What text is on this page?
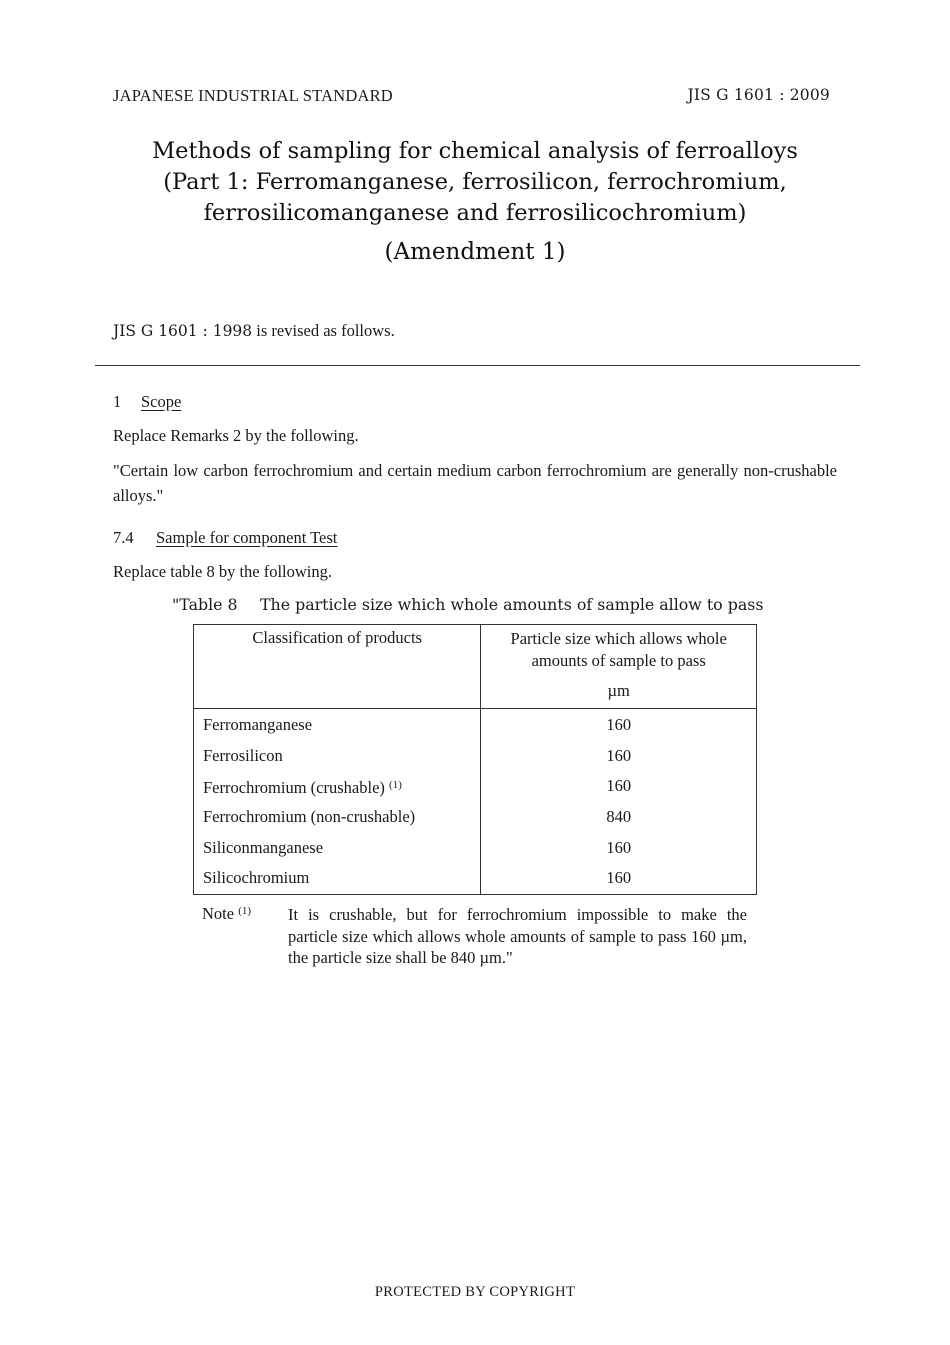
JAPANESE INDUSTRIAL STANDARD	JIS G 1601 : 2009
Methods of sampling for chemical analysis of ferroalloys
(Part 1: Ferromanganese, ferrosilicon, ferrochromium,
ferrosilicomanganese and ferrosilicochromium)
(Amendment 1)
JIS G 1601 : 1998 is revised as follows.
1 Scope
Replace Remarks 2 by the following.
"Certain low carbon ferrochromium and certain medium carbon ferrochromium are generally non-crushable alloys."
7.4 Sample for component Test
Replace table 8 by the following.
"Table 8 The particle size which whole amounts of sample allow to pass
Classification of products	Particle size which allows whole amounts of sample to pass
µm

Ferromanganese	160
Ferrosilicon	160
Ferrochromium (crushable) $^{(1)}$	160
Ferrochromium (non-crushable)	840
Siliconmanganese	160
Silicochromium	160
Note $^{(1)}$ It is crushable, but for ferrochromium impossible to make the particle size which allows whole amounts of sample to pass 160 µm, the particle size shall be 840 µm."
PROTECTED BY COPYRIGHT
